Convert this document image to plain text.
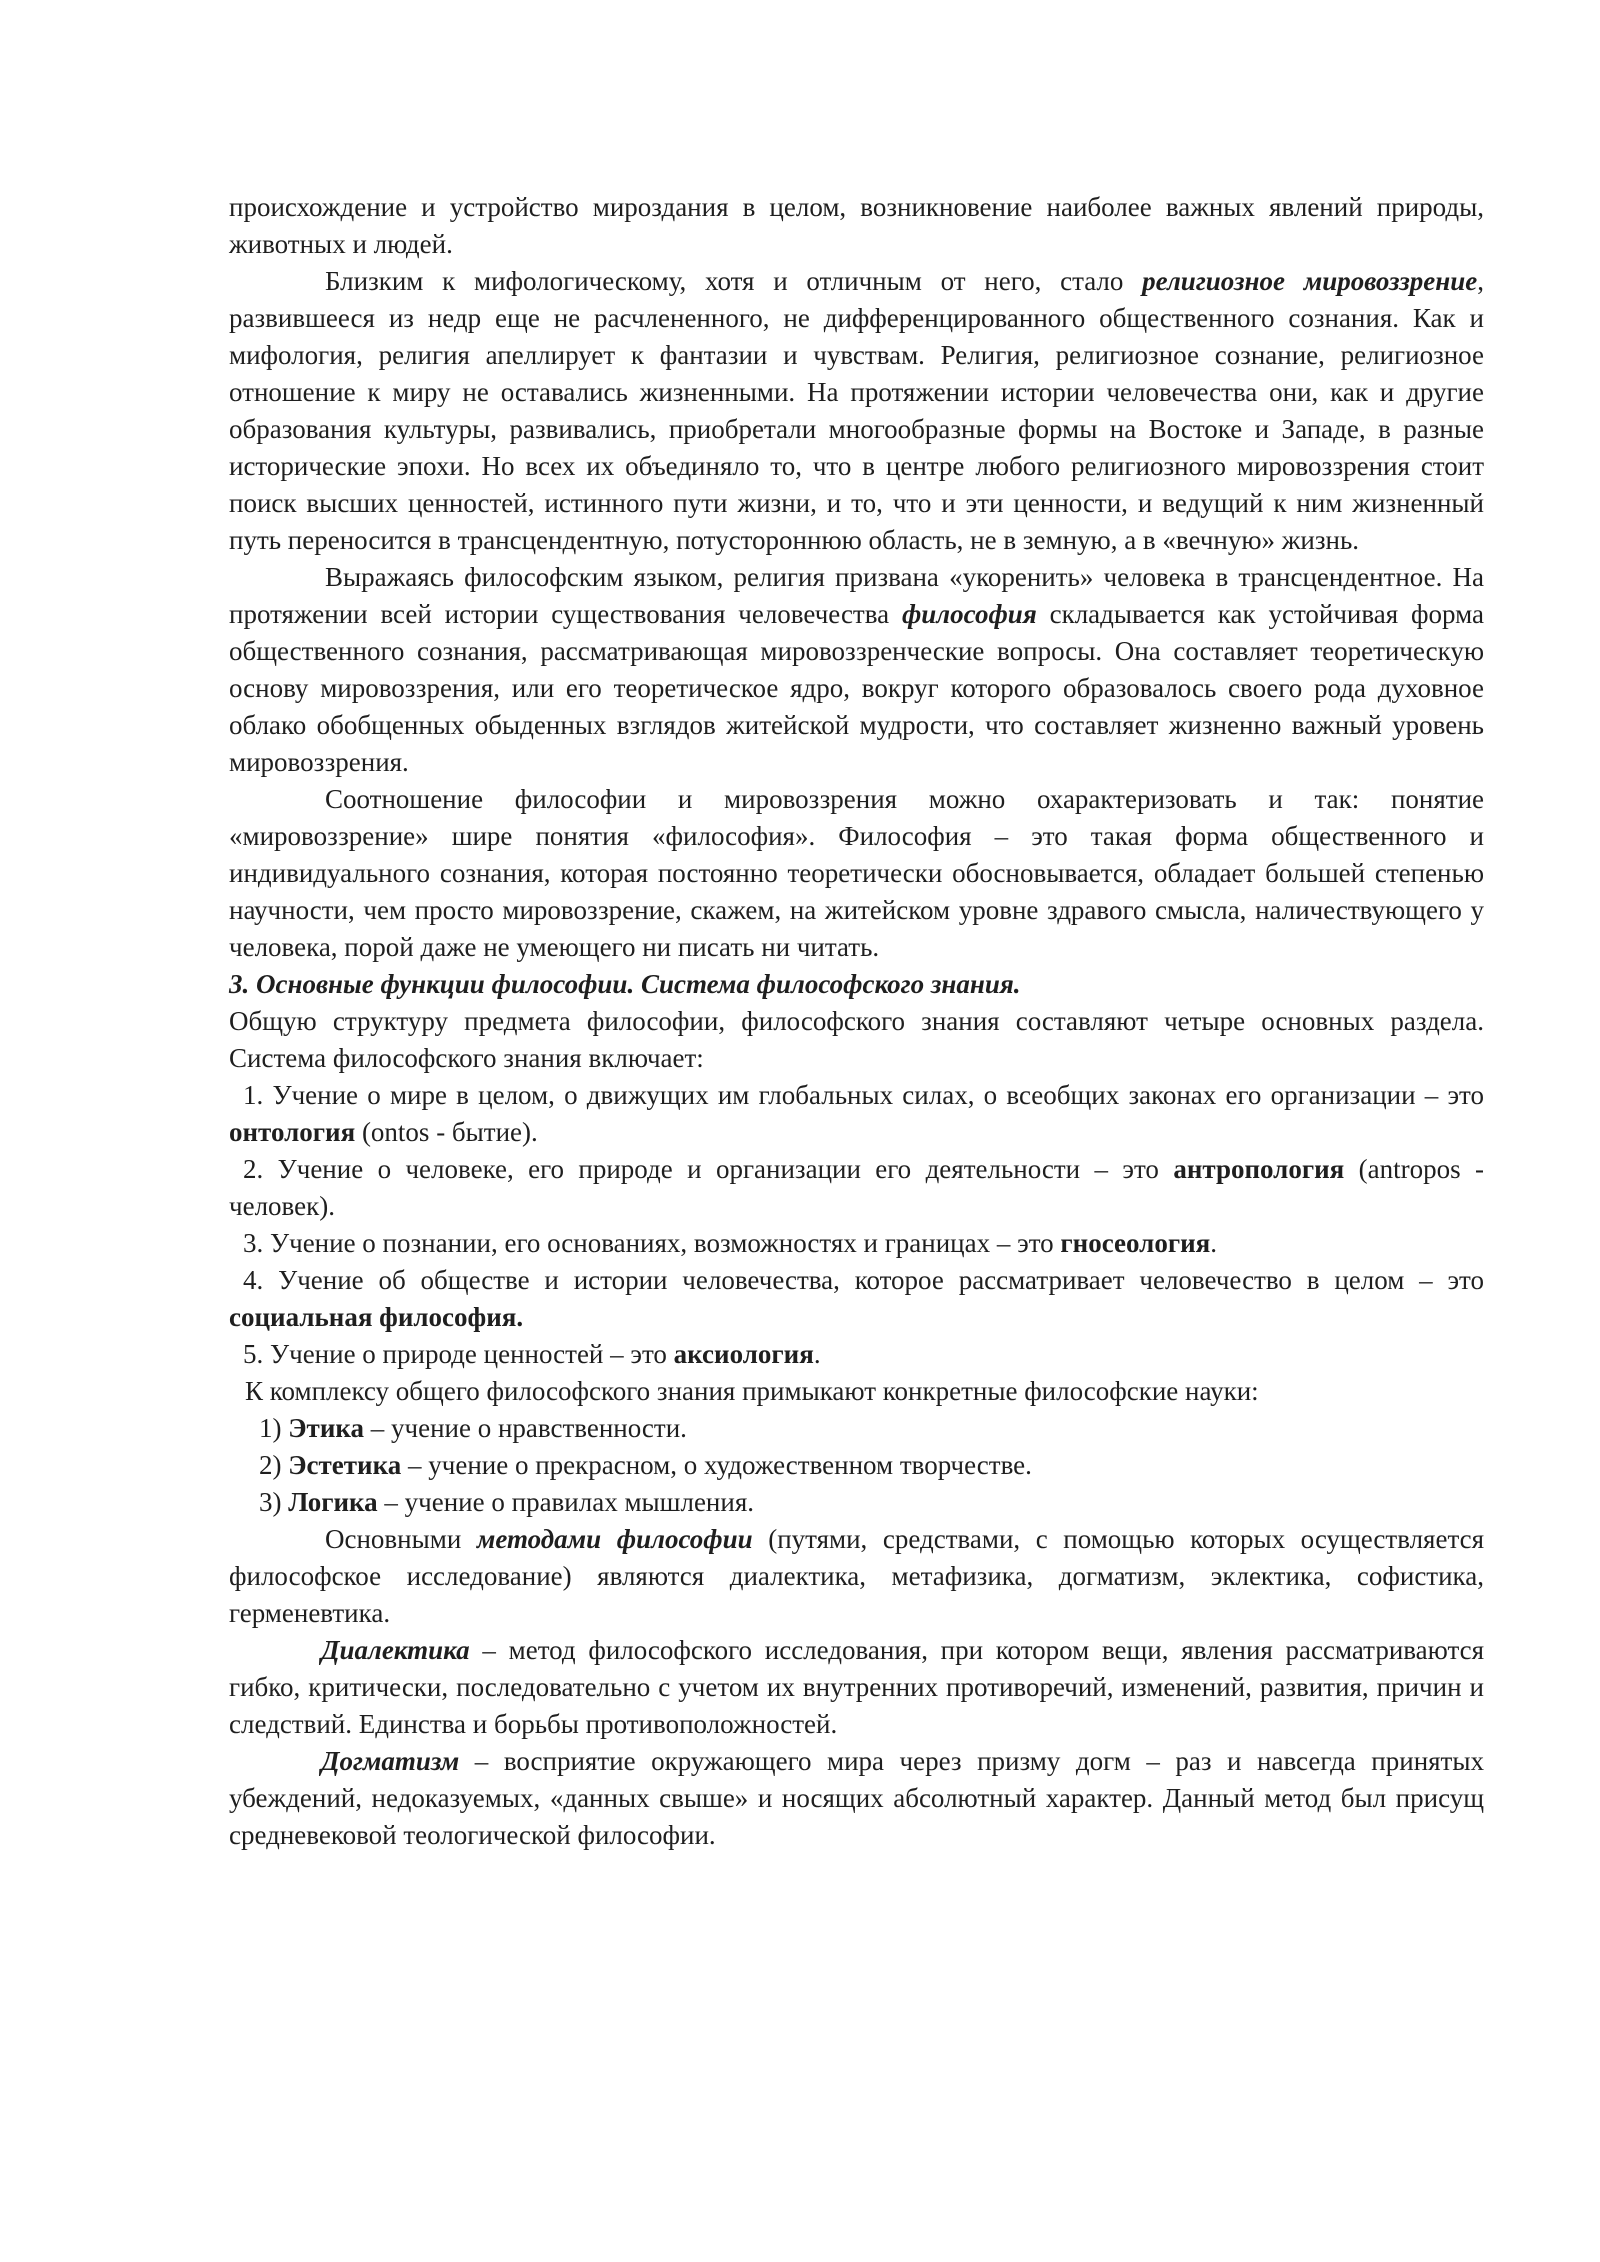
происхождение и устройство мироздания в целом, возникновение наиболее важных явлений природы, животных и людей.

Близким к мифологическому, хотя и отличным от него, стало религиозное мировоззрение, развившееся из недр еще не расчлененного, не дифференцированного общественного сознания. Как и мифология, религия апеллирует к фантазии и чувствам. Религия, религиозное сознание, религиозное отношение к миру не оставались жизненными. На протяжении истории человечества они, как и другие образования культуры, развивались, приобретали многообразные формы на Востоке и Западе, в разные исторические эпохи. Но всех их объединяло то, что в центре любого религиозного мировоззрения стоит поиск высших ценностей, истинного пути жизни, и то, что и эти ценности, и ведущий к ним жизненный путь переносится в трансцендентную, потустороннюю область, не в земную, а в «вечную» жизнь.

Выражаясь философским языком, религия призвана «укоренить» человека в трансцендентное. На протяжении всей истории существования человечества философия складывается как устойчивая форма общественного сознания, рассматривающая мировоззренческие вопросы. Она составляет теоретическую основу мировоззрения, или его теоретическое ядро, вокруг которого образовалось своего рода духовное облако обобщенных обыденных взглядов житейской мудрости, что составляет жизненно важный уровень мировоззрения.

Соотношение философии и мировоззрения можно охарактеризовать и так: понятие «мировоззрение» шире понятия «философия». Философия – это такая форма общественного и индивидуального сознания, которая постоянно теоретически обосновывается, обладает большей степенью научности, чем просто мировоззрение, скажем, на житейском уровне здравого смысла, наличествующего у человека, порой даже не умеющего ни писать ни читать.

3. Основные функции философии. Система философского знания.

Общую структуру предмета философии, философского знания составляют четыре основных раздела. Система философского знания включает:

1. Учение о мире в целом, о движущих им глобальных силах, о всеобщих законах его организации – это онтология (ontos - бытие).

2. Учение о человеке, его природе и организации его деятельности – это антропология (antropos - человек).

3. Учение о познании, его основаниях, возможностях и границах – это гносеология.

4. Учение об обществе и истории человечества, которое рассматривает человечество в целом – это социальная философия.

5. Учение о природе ценностей – это аксиология.

К комплексу общего философского знания примыкают конкретные философские науки:

1) Этика – учение о нравственности.

2) Эстетика – учение о прекрасном, о художественном творчестве.

3) Логика – учение о правилах мышления.

Основными методами философии (путями, средствами, с помощью которых осуществляется философское исследование) являются диалектика, метафизика, догматизм, эклектика, софистика, герменевтика.

Диалектика – метод философского исследования, при котором вещи, явления рассматриваются гибко, критически, последовательно с учетом их внутренних противоречий, изменений, развития, причин и следствий. Единства и борьбы противоположностей.

Догматизм – восприятие окружающего мира через призму догм – раз и навсегда принятых убеждений, недоказуемых, «данных свыше» и носящих абсолютный характер. Данный метод был присущ средневековой теологической философии.
